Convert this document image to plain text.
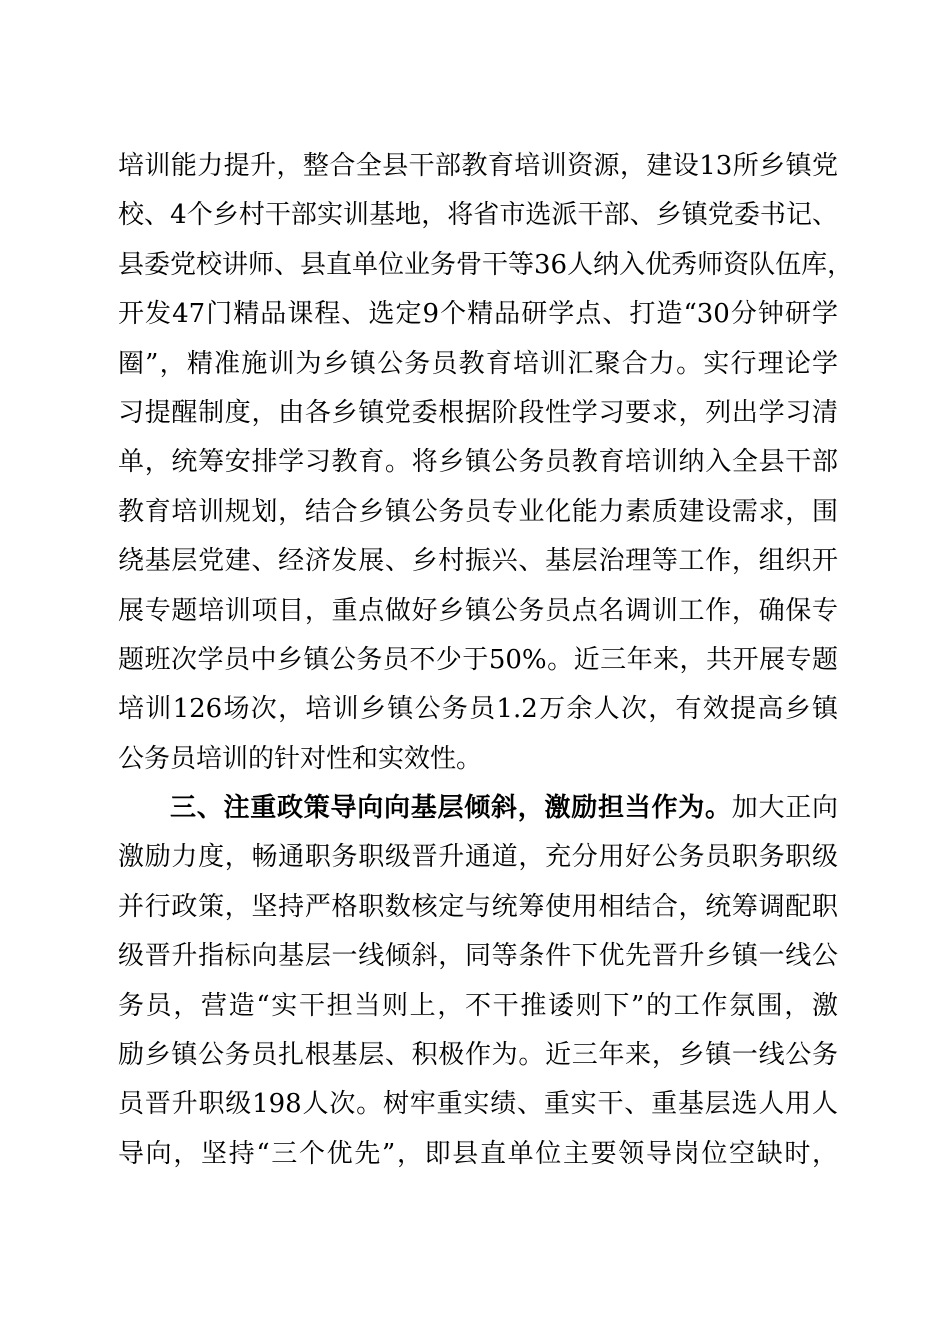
培训能力提升，整合全县干部教育培训资源，建设13所乡镇党
校、4个乡村干部实训基地，将省市选派干部、乡镇党委书记、
县委党校讲师、县直单位业务骨干等36人纳入优秀师资队伍库，
开发47门精品课程、选定9个精品研学点、打造“30分钟研学
圈”，精准施训为乡镇公务员教育培训汇聚合力。实行理论学
习提醒制度，由各乡镇党委根据阶段性学习要求，列出学习清
单，统筹安排学习教育。将乡镇公务员教育培训纳入全县干部
教育培训规划，结合乡镇公务员专业化能力素质建设需求，围
绕基层党建、经济发展、乡村振兴、基层治理等工作，组织开
展专题培训项目，重点做好乡镇公务员点名调训工作，确保专
题班次学员中乡镇公务员不少于50%。近三年来，共开展专题
培训126场次，培训乡镇公务员1.2万余人次，有效提高乡镇
公务员培训的针对性和实效性。
三、注重政策导向向基层倾斜，激励担当作为。加大正向
激励力度，畅通职务职级晋升通道，充分用好公务员职务职级
并行政策，坚持严格职数核定与统筹使用相结合，统筹调配职
级晋升指标向基层一线倾斜，同等条件下优先晋升乡镇一线公
务员，营造“实干担当则上，不干推诿则下”的工作氛围，激
励乡镇公务员扎根基层、积极作为。近三年来，乡镇一线公务
员晋升职级198人次。树牢重实绩、重实干、重基层选人用人
导向，坚持“三个优先”，即县直单位主要领导岗位空缺时，
